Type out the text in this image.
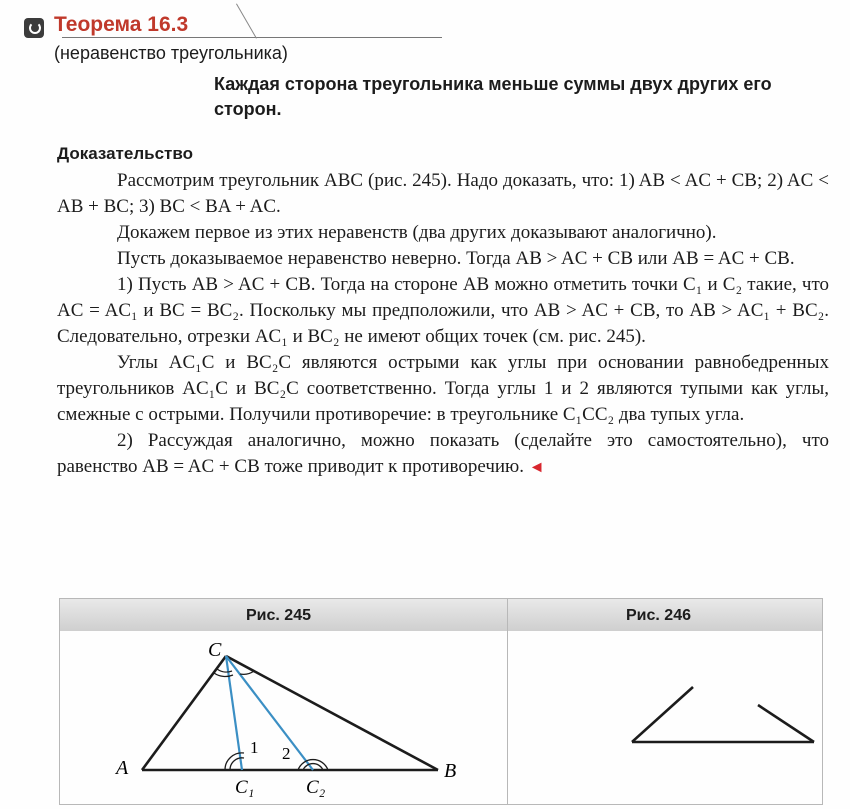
Теорема 16.3
(неравенство треугольника)
Каждая сторона треугольника меньше суммы двух других его сторон.
Доказательство

Рассмотрим треугольник ABC (рис. 245). Надо доказать, что: 1) AB < AC + CB; 2) AC < AB + BC; 3) BC < BA + AC.

Докажем первое из этих неравенств (два других доказывают аналогично).

Пусть доказываемое неравенство неверно. Тогда AB > AC + CB или AB = AC + CB.

1) Пусть AB > AC + CB. Тогда на стороне AB можно отметить точки C₁ и C₂ такие, что AC = AC₁ и BC = BC₂. Поскольку мы предположили, что AB > AC + CB, то AB > AC₁ + BC₂. Следовательно, отрезки AC₁ и BC₂ не имеют общих точек (см. рис. 245).

Углы AC₁C и BC₂C являются острыми как углы при основании равнобедренных треугольников AC₁C и BC₂C соответственно. Тогда углы 1 и 2 являются тупыми как углы, смежные с острыми. Получили противоречие: в треугольнике C₁CC₂ два тупых угла.

2) Рассуждая аналогично, можно показать (сделайте это самостоятельно), что равенство AB = AC + CB тоже приводит к противоречию. ◄

Рис. 245	Рис. 246
A	B
C
C₁	C₂
1 2
